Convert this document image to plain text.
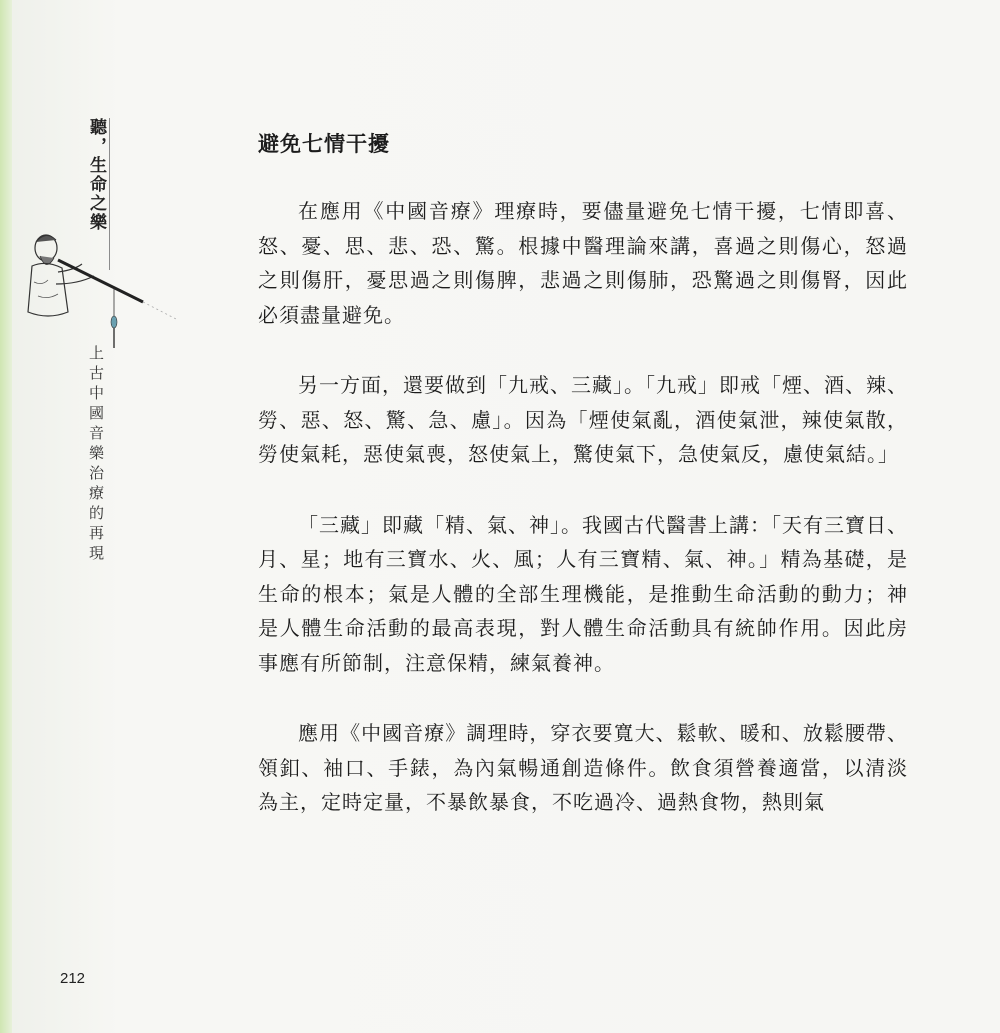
聽，生命之樂
上古中國音樂治療的再現
212
避免七情干擾

在應用《中國音療》理療時，要儘量避免七情干擾，七情即喜、怒、憂、思、悲、恐、驚。根據中醫理論來講，喜過之則傷心，怒過之則傷肝，憂思過之則傷脾，悲過之則傷肺，恐驚過之則傷腎，因此必須盡量避免。

另一方面，還要做到「九戒、三藏」。「九戒」即戒「煙、酒、辣、勞、惡、怒、驚、急、慮」。因為「煙使氣亂，酒使氣泄，辣使氣散，勞使氣耗，惡使氣喪，怒使氣上，驚使氣下，急使氣反，慮使氣結。」

「三藏」即藏「精、氣、神」。我國古代醫書上講：「天有三寶日、月、星；地有三寶水、火、風；人有三寶精、氣、神。」精為基礎，是生命的根本；氣是人體的全部生理機能，是推動生命活動的動力；神是人體生命活動的最高表現，對人體生命活動具有統帥作用。因此房事應有所節制，注意保精，練氣養神。

應用《中國音療》調理時，穿衣要寬大、鬆軟、暖和、放鬆腰帶、領釦、袖口、手錶，為內氣暢通創造條件。飲食須營養適當，以清淡為主，定時定量，不暴飲暴食，不吃過冷、過熱食物，熱則氣
